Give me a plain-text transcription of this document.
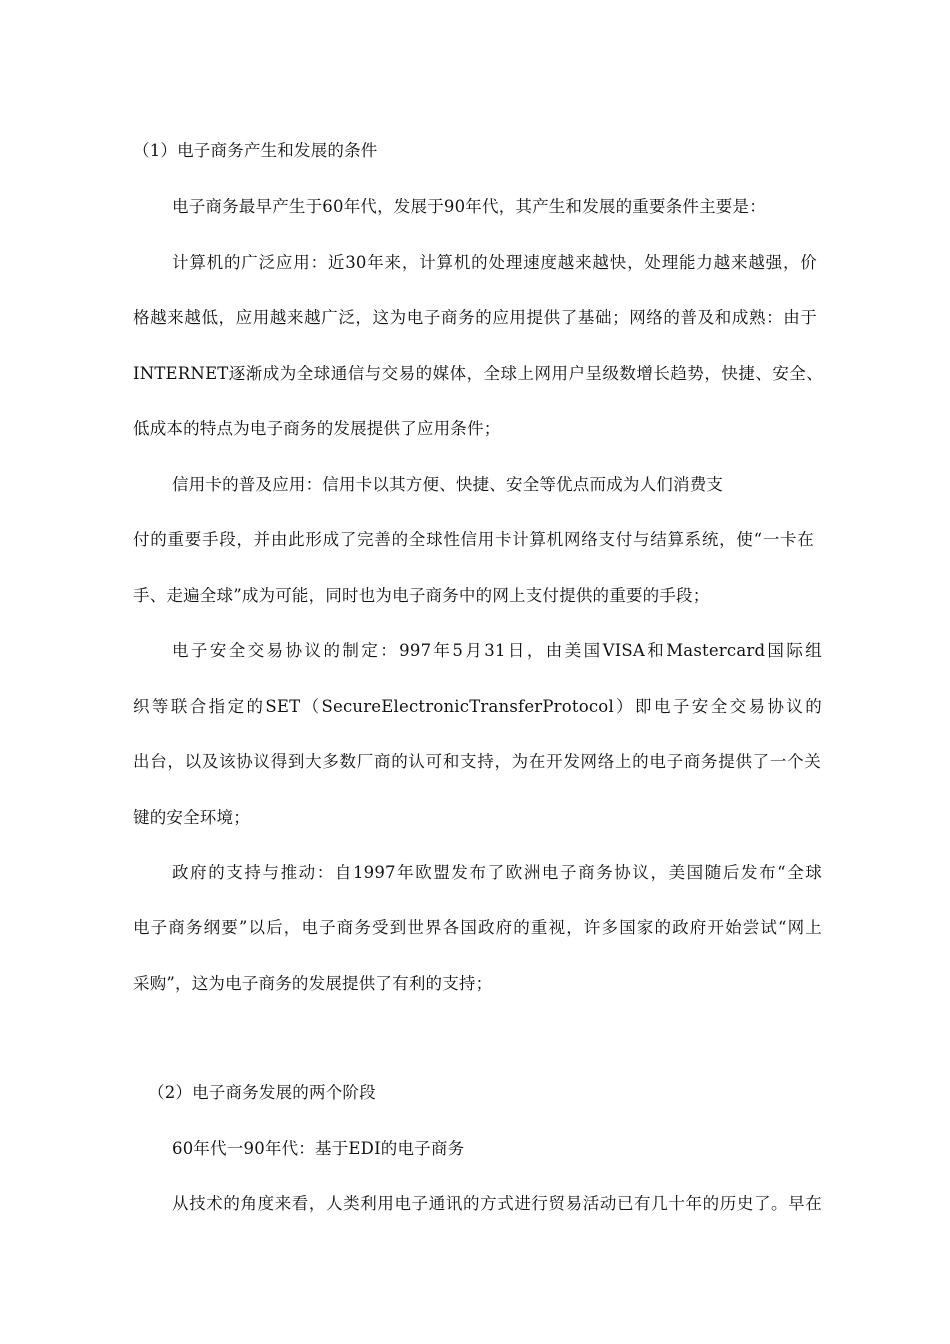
（1）电子商务产生和发展的条件
电子商务最早产生于60年代，发展于90年代，其产生和发展的重要条件主要是：
计算机的广泛应用：近30年来，计算机的处理速度越来越快，处理能力越来越强，价
格越来越低，应用越来越广泛，这为电子商务的应用提供了基础；网络的普及和成熟：由于
INTERNET逐渐成为全球通信与交易的媒体，全球上网用户呈级数增长趋势，快捷、安全、
低成本的特点为电子商务的发展提供了应用条件；
信用卡的普及应用：信用卡以其方便、快捷、安全等优点而成为人们消费支
付的重要手段，并由此形成了完善的全球性信用卡计算机网络支付与结算系统，使“一卡在
手、走遍全球”成为可能，同时也为电子商务中的网上支付提供的重要的手段；
电子安全交易协议的制定：997年5月31日，由美国VISA和Mastercard国际组
织等联合指定的SET（SecureElectronicTransferProtocol）即电子安全交易协议的
出台，以及该协议得到大多数厂商的认可和支持，为在开发网络上的电子商务提供了一个关
键的安全环境；
政府的支持与推动：自1997年欧盟发布了欧洲电子商务协议，美国随后发布“全球
电子商务纲要”以后，电子商务受到世界各国政府的重视，许多国家的政府开始尝试“网上
采购”，这为电子商务的发展提供了有利的支持；
（2）电子商务发展的两个阶段
60年代一90年代：基于EDI的电子商务
从技术的角度来看，人类利用电子通讯的方式进行贸易活动已有几十年的历史了。早在
